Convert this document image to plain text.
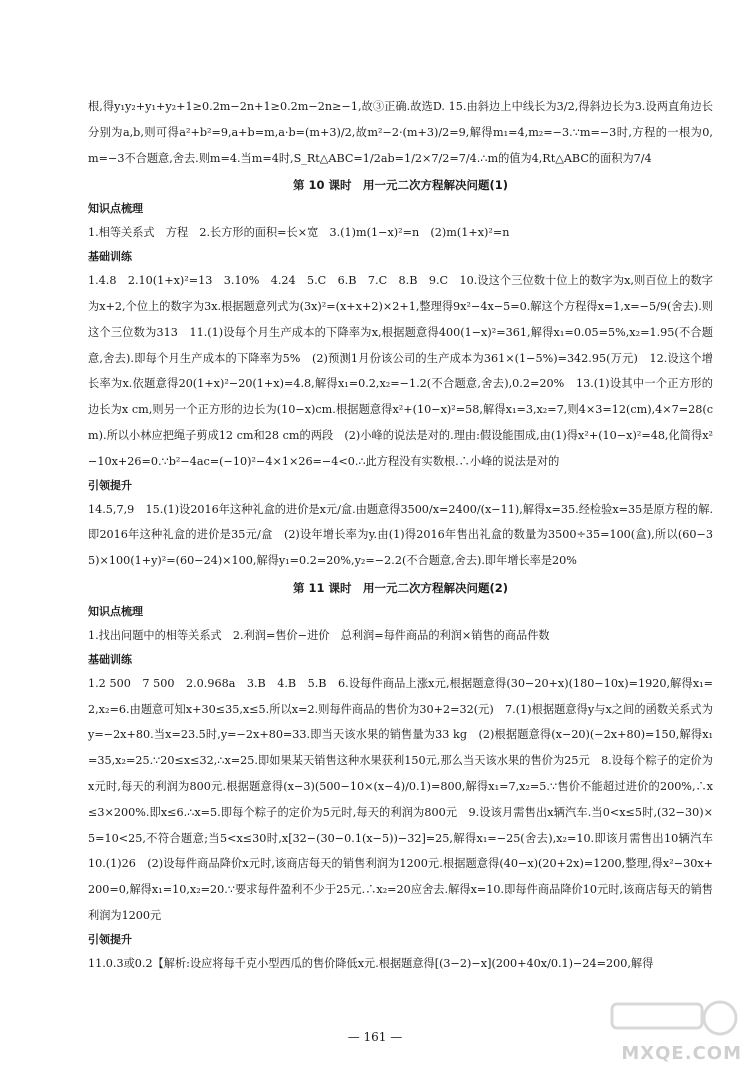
根,得y₁y₂+y₁+y₂+1≥0.2m−2n+1≥0.2m−2n≥−1,故③正确.故选D. 15.由斜边上中线长为3/2,得斜边长为3.设两直角边长分别为a,b,则可得a²+b²=9,a+b=m,a·b=(m+3)/2,故m²−2·(m+3)/2=9,解得m₁=4,m₂=−3.∵m=−3时,方程的一根为0,m=−3不合题意,舍去.则m=4.当m=4时,S_Rt△ABC=1/2ab=1/2×7/2=7/4.∴m的值为4,Rt△ABC的面积为7/4

第 10 课时　用一元二次方程解决问题(1)
知识点梳理

1.相等关系式　方程　2.长方形的面积=长×宽　3.(1)m(1−x)²=n　(2)m(1+x)²=n

基础训练

1.4.8　2.10(1+x)²=13　3.10%　4.24　5.C　6.B　7.C　8.B　9.C　10.设这个三位数十位上的数字为x,则百位上的数字为x+2,个位上的数字为3x.根据题意列式为(3x)²=(x+x+2)×2+1,整理得9x²−4x−5=0.解这个方程得x=1,x=−5/9(舍去).则这个三位数为313　11.(1)设每个月生产成本的下降率为x,根据题意得400(1−x)²=361,解得x₁=0.05=5%,x₂=1.95(不合题意,舍去).即每个月生产成本的下降率为5%　(2)预测1月份该公司的生产成本为361×(1−5%)=342.95(万元)　12.设这个增长率为x.依题意得20(1+x)²−20(1+x)=4.8,解得x₁=0.2,x₂=−1.2(不合题意,舍去),0.2=20%　13.(1)设其中一个正方形的边长为x cm,则另一个正方形的边长为(10−x)cm.根据题意得x²+(10−x)²=58,解得x₁=3,x₂=7,则4×3=12(cm),4×7=28(cm).所以小林应把绳子剪成12 cm和28 cm的两段　(2)小峰的说法是对的.理由:假设能围成,由(1)得x²+(10−x)²=48,化简得x²−10x+26=0.∵b²−4ac=(−10)²−4×1×26=−4<0.∴此方程没有实数根.∴小峰的说法是对的

引领提升

14.5,7,9　15.(1)设2016年这种礼盒的进价是x元/盒.由题意得3500/x=2400/(x−11),解得x=35.经检验x=35是原方程的解.即2016年这种礼盒的进价是35元/盒　(2)设年增长率为y.由(1)得2016年售出礼盒的数量为3500÷35=100(盒),所以(60−35)×100(1+y)²=(60−24)×100,解得y₁=0.2=20%,y₂=−2.2(不合题意,舍去).即年增长率是20%

第 11 课时　用一元二次方程解决问题(2)
知识点梳理

1.找出问题中的相等关系式　2.利润=售价−进价　总利润=每件商品的利润×销售的商品件数

基础训练

1.2 500　7 500　2.0.968a　3.B　4.B　5.B　6.设每件商品上涨x元,根据题意得(30−20+x)(180−10x)=1920,解得x₁=2,x₂=6.由题意可知x+30≤35,x≤5.所以x=2.则每件商品的售价为30+2=32(元)　7.(1)根据题意得y与x之间的函数关系式为y=−2x+80.当x=23.5时,y=−2x+80=33.即当天该水果的销售量为33 kg　(2)根据题意得(x−20)(−2x+80)=150,解得x₁=35,x₂=25.∵20≤x≤32,∴x=25.即如果某天销售这种水果获利150元,那么当天该水果的售价为25元　8.设每个粽子的定价为x元时,每天的利润为800元.根据题意得(x−3)(500−10×(x−4)/0.1)=800,解得x₁=7,x₂=5.∵售价不能超过进价的200%,∴x≤3×200%.即x≤6.∴x=5.即每个粽子的定价为5元时,每天的利润为800元　9.设该月需售出x辆汽车.当0<x≤5时,(32−30)×5=10<25,不符合题意;当5<x≤30时,x[32−(30−0.1(x−5))−32]=25,解得x₁=−25(舍去),x₂=10.即该月需售出10辆汽车　10.(1)26　(2)设每件商品降价x元时,该商店每天的销售利润为1200元.根据题意得(40−x)(20+2x)=1200,整理,得x²−30x+200=0,解得x₁=10,x₂=20.∵要求每件盈利不少于25元.∴x₂=20应舍去.解得x=10.即每件商品降价10元时,该商店每天的销售利润为1200元

引领提升

11.0.3或0.2【解析:设应将每千克小型西瓜的售价降低x元.根据题意得[(3−2)−x](200+40x/0.1)−24=200,解得

— 161 —
MXQE.COM
